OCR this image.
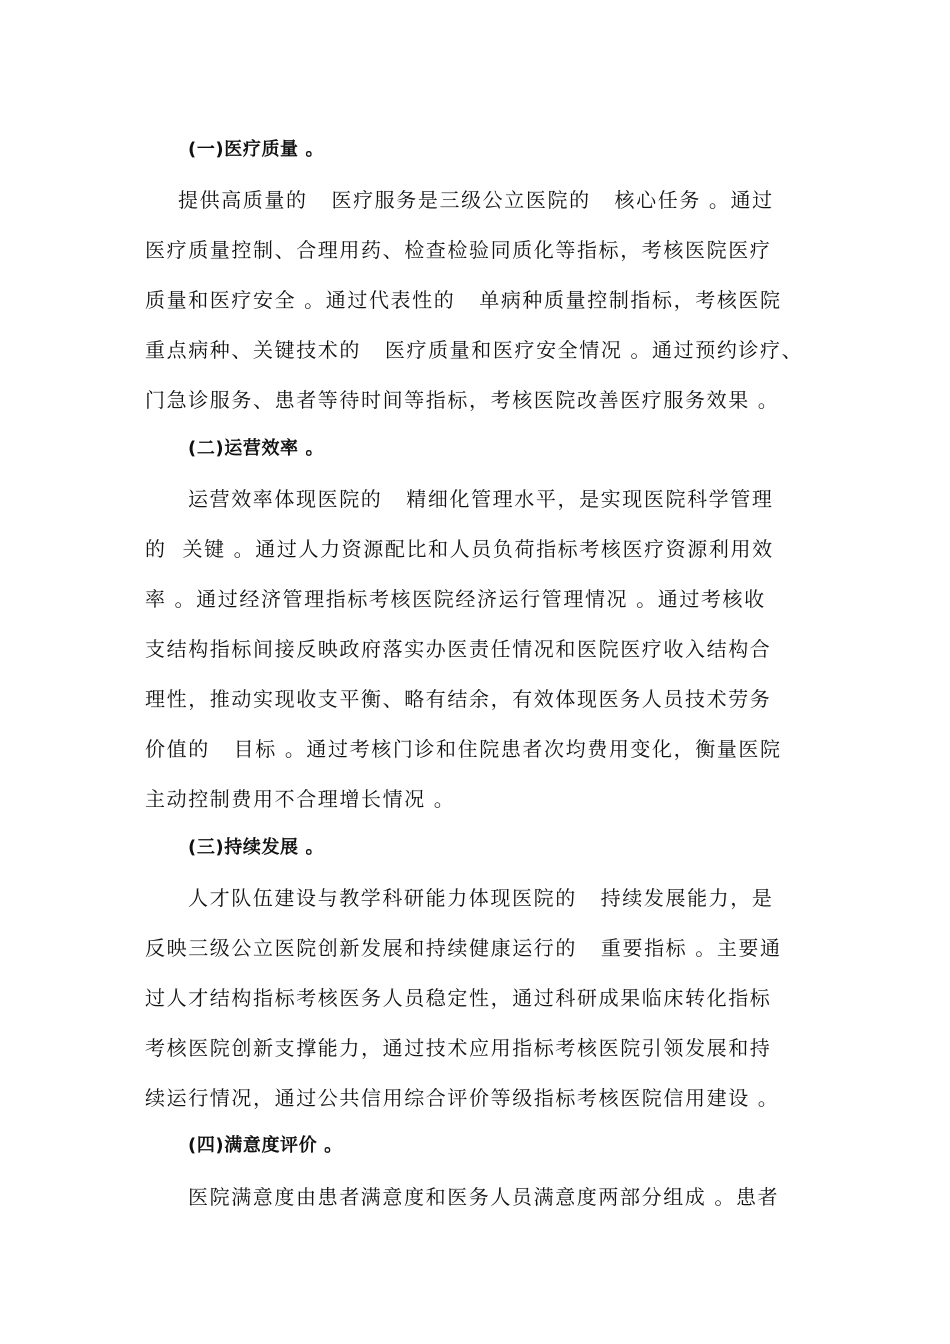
(一)医疗质量 。
提供高质量的   医疗服务是三级公立医院的   核心任务 。通过
医疗质量控制、合理用药、检查检验同质化等指标，考核医院医疗
质量和医疗安全 。通过代表性的   单病种质量控制指标，考核医院
重点病种、关键技术的   医疗质量和医疗安全情况 。通过预约诊疗、
门急诊服务、患者等待时间等指标，考核医院改善医疗服务效果 。
(二)运营效率 。
运营效率体现医院的   精细化管理水平，是实现医院科学管理
的  关键 。通过人力资源配比和人员负荷指标考核医疗资源利用效
率 。通过经济管理指标考核医院经济运行管理情况 。通过考核收
支结构指标间接反映政府落实办医责任情况和医院医疗收入结构合
理性，推动实现收支平衡、略有结余，有效体现医务人员技术劳务
价值的   目标 。通过考核门诊和住院患者次均费用变化，衡量医院
主动控制费用不合理增长情况 。
(三)持续发展 。
人才队伍建设与教学科研能力体现医院的   持续发展能力，是
反映三级公立医院创新发展和持续健康运行的   重要指标 。主要通
过人才结构指标考核医务人员稳定性，通过科研成果临床转化指标
考核医院创新支撑能力，通过技术应用指标考核医院引领发展和持
续运行情况，通过公共信用综合评价等级指标考核医院信用建设 。
(四)满意度评价 。
医院满意度由患者满意度和医务人员满意度两部分组成 。患者
